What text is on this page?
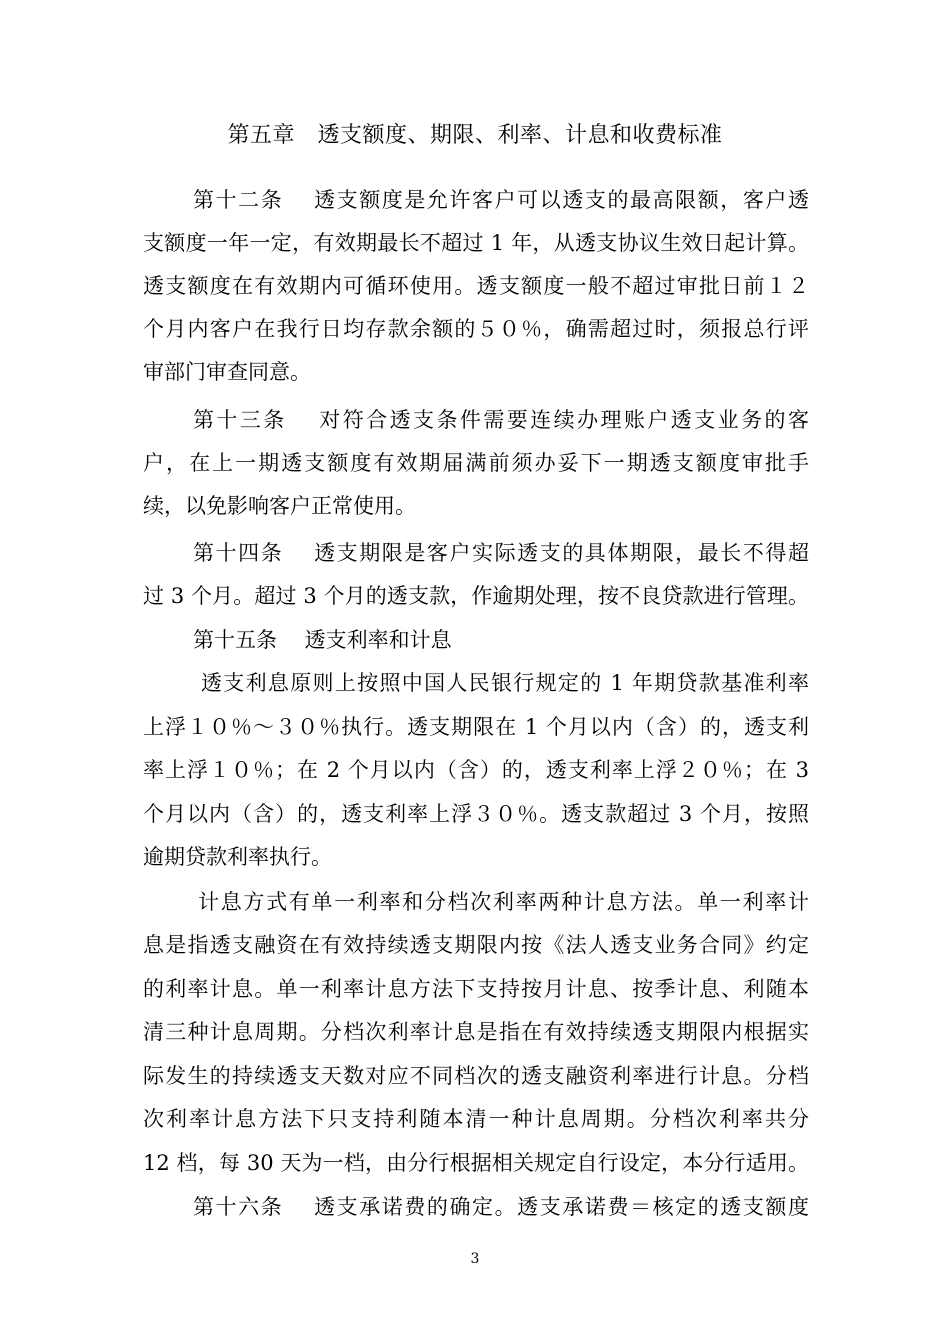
第五章　透支额度、期限、利率、计息和收费标准
第十二条　 透支额度是允许客户可以透支的最高限额，客户透
支额度一年一定，有效期最长不超过 1 年，从透支协议生效日起计算。
透支额度在有效期内可循环使用。透支额度一般不超过审批日前１２
个月内客户在我行日均存款余额的５０％，确需超过时，须报总行评
审部门审查同意。
第十三条　 对符合透支条件需要连续办理账户透支业务的客
户，在上一期透支额度有效期届满前须办妥下一期透支额度审批手
续，以免影响客户正常使用。
第十四条　 透支期限是客户实际透支的具体期限，最长不得超
过 3 个月。超过 3 个月的透支款，作逾期处理，按不良贷款进行管理。
第十五条　 透支利率和计息
透支利息原则上按照中国人民银行规定的 1 年期贷款基准利率
上浮１０％～３０％执行。透支期限在 1 个月以内（含）的，透支利
率上浮１０％；在 2 个月以内（含）的，透支利率上浮２０％；在 3
个月以内（含）的，透支利率上浮３０％。透支款超过 3 个月，按照
逾期贷款利率执行。
计息方式有单一利率和分档次利率两种计息方法。单一利率计
息是指透支融资在有效持续透支期限内按《法人透支业务合同》约定
的利率计息。单一利率计息方法下支持按月计息、按季计息、利随本
清三种计息周期。分档次利率计息是指在有效持续透支期限内根据实
际发生的持续透支天数对应不同档次的透支融资利率进行计息。分档
次利率计息方法下只支持利随本清一种计息周期。分档次利率共分
12 档，每 30 天为一档，由分行根据相关规定自行设定，本分行适用。
第十六条　 透支承诺费的确定。透支承诺费＝核定的透支额度
3
